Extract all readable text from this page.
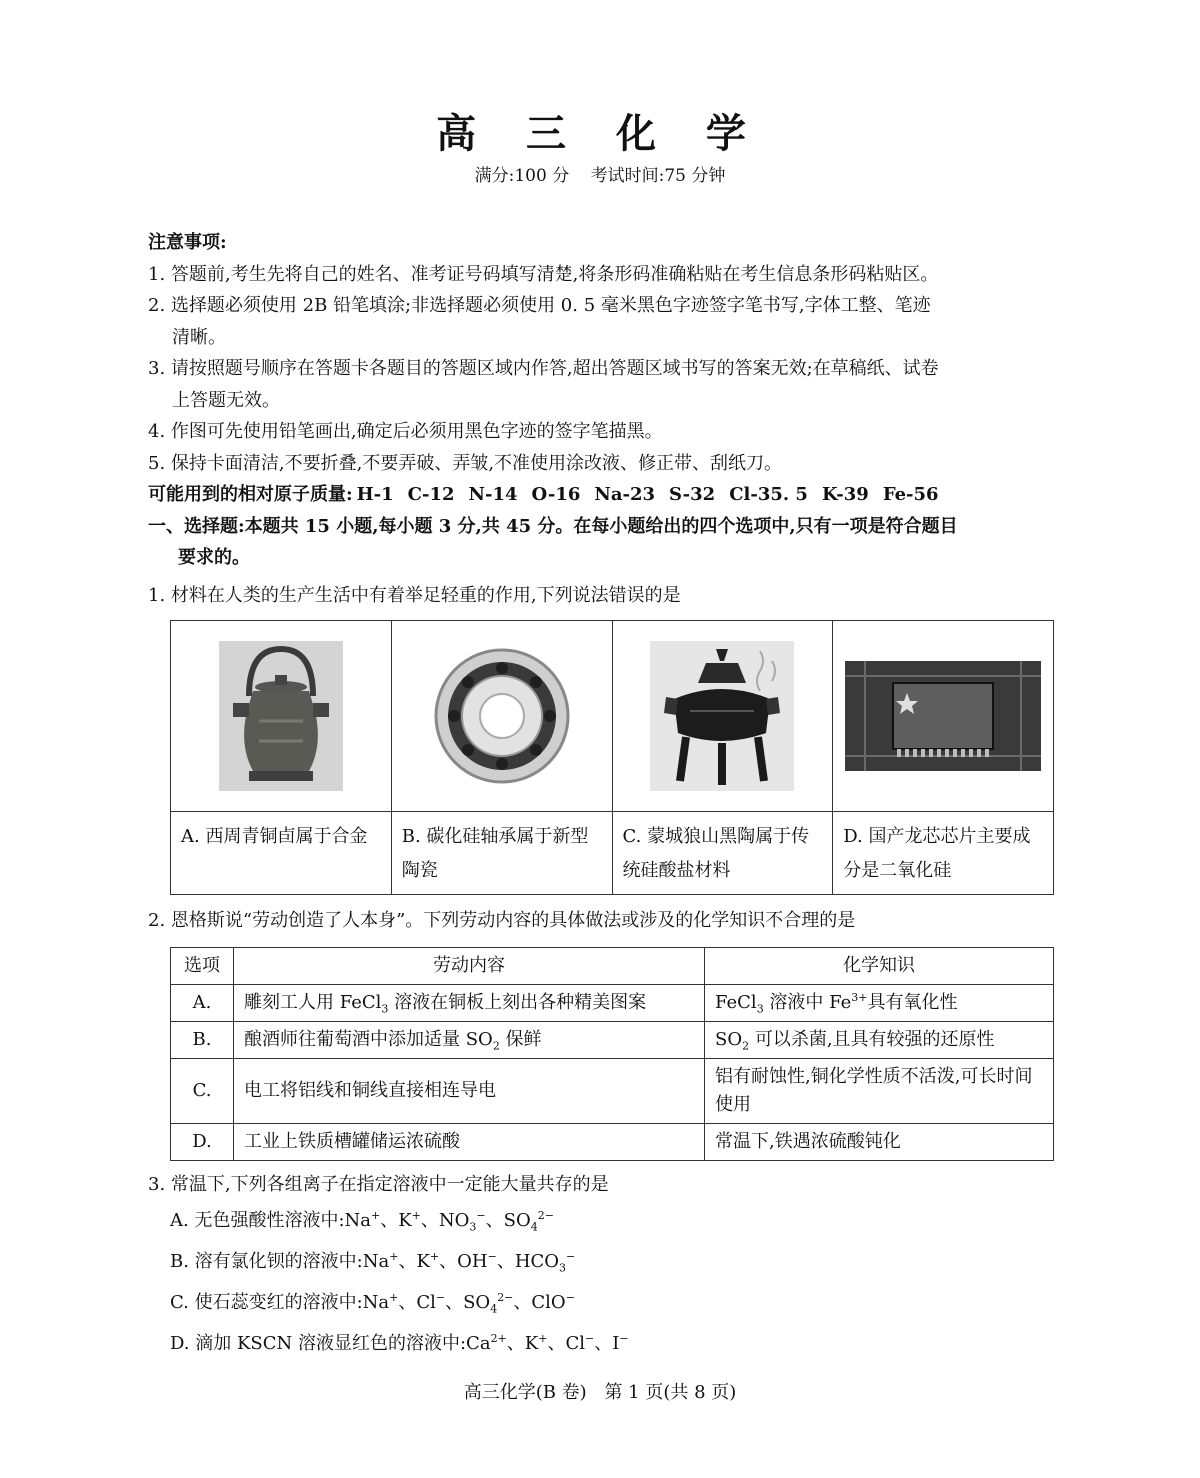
高 三 化 学
满分:100 分 考试时间:75 分钟
注意事项:
1. 答题前,考生先将自己的姓名、准考证号码填写清楚,将条形码准确粘贴在考生信息条形码粘贴区。
2. 选择题必须使用 2B 铅笔填涂;非选择题必须使用 0. 5 毫米黑色字迹签字笔书写,字体工整、笔迹
清晰。
3. 请按照题号顺序在答题卡各题目的答题区域内作答,超出答题区域书写的答案无效;在草稿纸、试卷
上答题无效。
4. 作图可先使用铅笔画出,确定后必须用黑色字迹的签字笔描黑。
5. 保持卡面清洁,不要折叠,不要弄破、弄皱,不准使用涂改液、修正带、刮纸刀。
可能用到的相对原子质量: H-1 C-12 N-14 O-16 Na-23 S-32 Cl-35. 5 K-39 Fe-56
一、选择题:本题共 15 小题,每小题 3 分,共 45 分。在每小题给出的四个选项中,只有一项是符合题目
要求的。
1. 材料在人类的生产生活中有着举足轻重的作用,下列说法错误的是

A. 西周青铜卣属于合金	B. 碳化硅轴承属于新型陶瓷	C. 蒙城狼山黑陶属于传统硅酸盐材料	D. 国产龙芯芯片主要成分是二氧化硅
2. 恩格斯说“劳动创造了人本身”。下列劳动内容的具体做法或涉及的化学知识不合理的是
选项	劳动内容	化学知识
A.	雕刻工人用 FeCl$_3$ 溶液在铜板上刻出各种精美图案	FeCl$_3$ 溶液中 $Fe^{3+}$具有氧化性
B.	酿酒师往葡萄酒中添加适量 $SO_2$ 保鲜	$SO_2$ 可以杀菌,且具有较强的还原性
C.	电工将铝线和铜线直接相连导电	铝有耐蚀性,铜化学性质不活泼,可长时间使用
D.	工业上铁质槽罐储运浓硫酸	常温下,铁遇浓硫酸钝化
3. 常温下,下列各组离子在指定溶液中一定能大量共存的是
A. 无色强酸性溶液中:Na+、K+、$NO_3^-$、$SO_4^{2-}$
B. 溶有氯化钡的溶液中:Na+、K+、OH−、$HCO_3^-$
C. 使石蕊变红的溶液中:Na+、Cl−、$SO_4^{2-}$、ClO−
D. 滴加 KSCN 溶液显红色的溶液中$:Ca^{2+}$、K+、Cl−、I−
高三化学(B 卷) 第 1 页(共 8 页)
